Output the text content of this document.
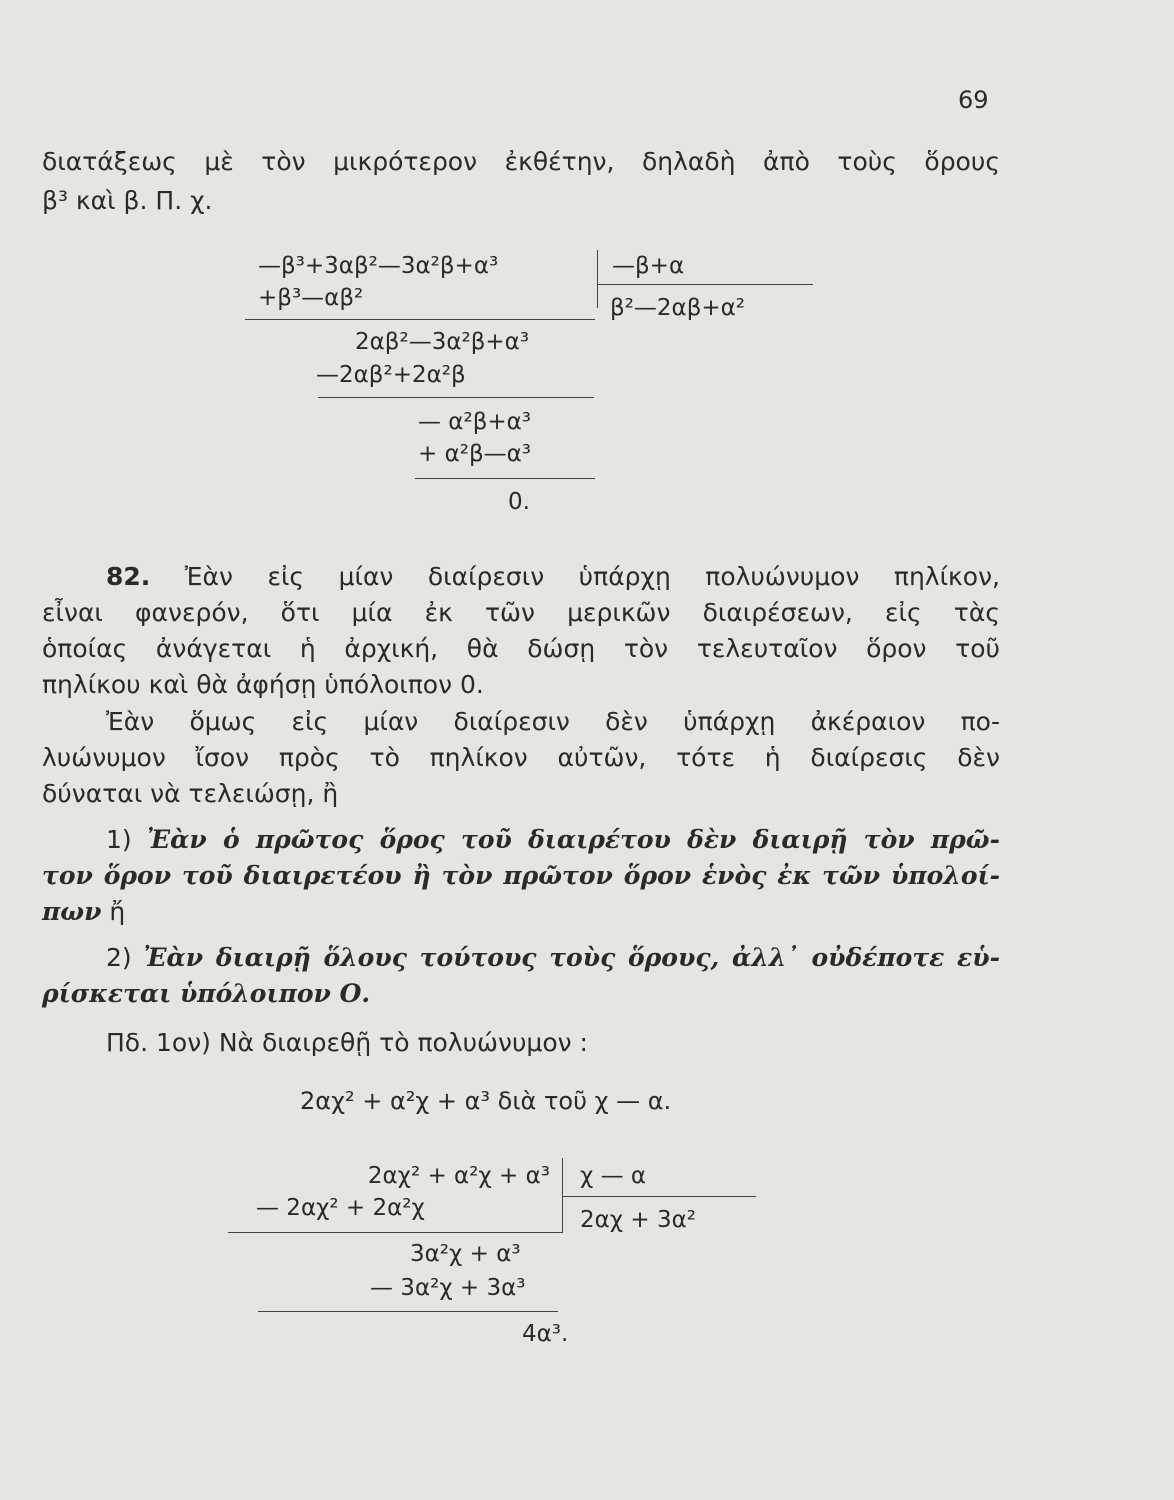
69

διατάξεως μὲ τὸν μικρότερον ἐκθέτην, δηλαδὴ ἀπὸ τοὺς ὅρους

β³ καὶ β. Π. χ.

—β³+3αβ²—3α²β+α³	—β+α
β²—2αβ+α²
+β³—αβ²
2αβ²—3α²β+α³
—2αβ²+2α²β
— α²β+α³
+ α²β—α³
0.

82. Ἐὰν εἰς μίαν διαίρεσιν ὑπάρχῃ πολυώνυμον πηλίκον,

εἶναι φανερόν, ὅτι μία ἐκ τῶν μερικῶν διαιρέσεων, εἰς τὰς

ὁποίας ἀνάγεται ἡ ἀρχική, θὰ δώσῃ τὸν τελευταῖον ὅρον τοῦ

πηλίκου καὶ θὰ ἀφήσῃ ὑπόλοιπον 0.

Ἐὰν ὅμως εἰς μίαν διαίρεσιν δὲν ὑπάρχῃ ἀκέραιον πο-

λυώνυμον ἴσον πρὸς τὸ πηλίκον αὐτῶν, τότε ἡ διαίρεσις δὲν

δύναται νὰ τελειώσῃ, ἢ

1) Ἐὰν ὁ πρῶτος ὅρος τοῦ διαιρέτου δὲν διαιρῇ τὸν πρῶ-

τον ὅρον τοῦ διαιρετέου ἢ τὸν πρῶτον ὅρον ἑνὸς ἐκ τῶν ὑπολοί-

πων ἤ

2) Ἐὰν διαιρῇ ὅλους τούτους τοὺς ὅρους, ἀλλ᾽ οὐδέποτε εὑ-

ρίσκεται ὑπόλοιπον Ο.

Πδ. 1ον) Νὰ διαιρεθῇ τὸ πολυώνυμον :

2αχ² + α²χ + α³ διὰ τοῦ χ — α.
2αχ² + α²χ + α³ χ — α
2αχ + 3α²
— 2αχ² + 2α²χ
3α²χ + α³
— 3α²χ + 3α³
4α³.
